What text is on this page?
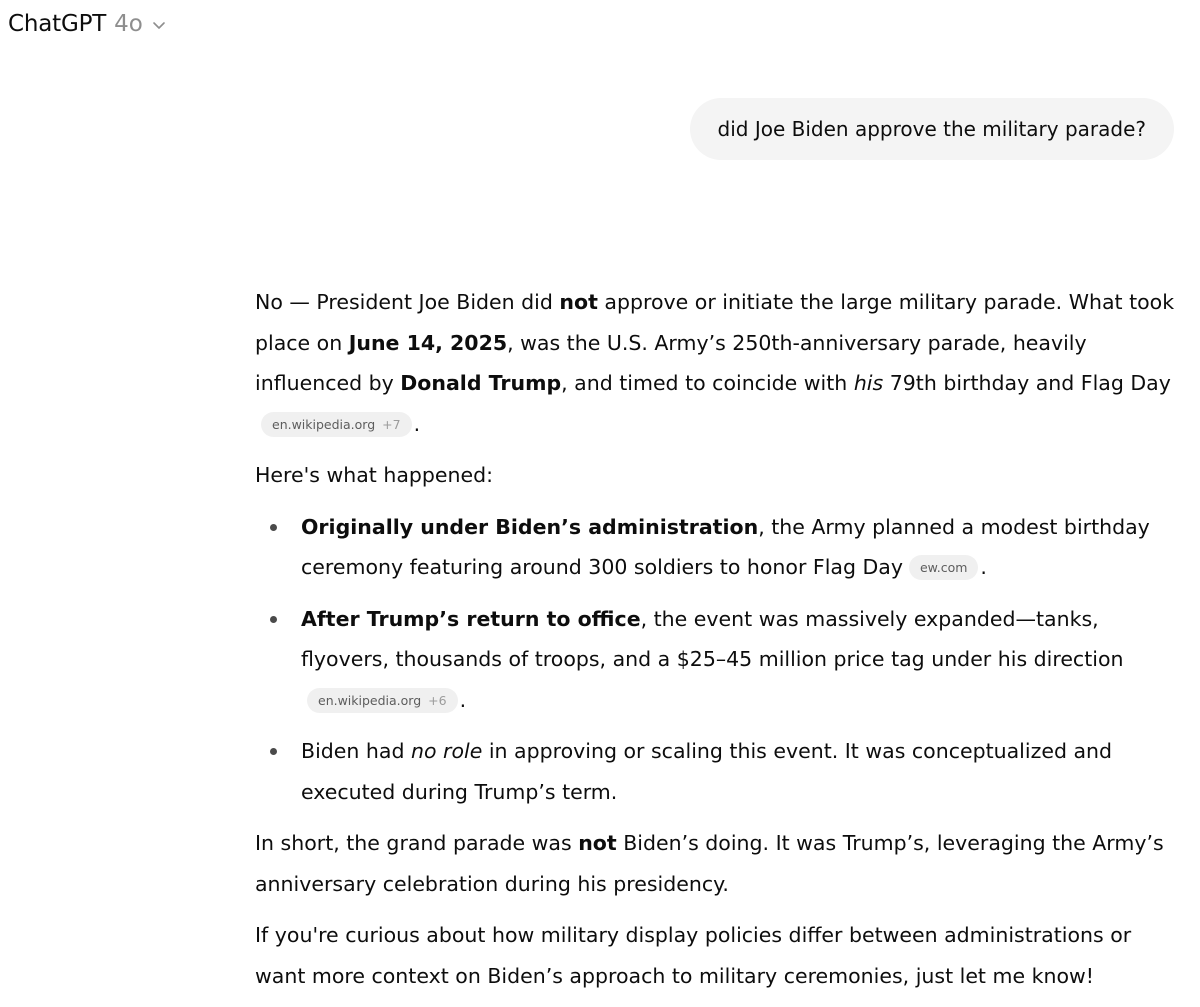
ChatGPT 4o
did Joe Biden approve the military parade?

No — President Joe Biden did not approve or initiate the large military parade. What took place on June 14, 2025, was the U.S. Army’s 250th-anniversary parade, heavily influenced by Donald Trump, and timed to coincide with his 79th birthday and Flag Day

en.wikipedia.org +7 .

Here's what happened:

Originally under Biden’s administration, the Army planned a modest birthday ceremony featuring around 300 soldiers to honor Flag Day ew.com .
After Trump’s return to office, the event was massively expanded—tanks, flyovers, thousands of troops, and a $25–45 million price tag under his direction
en.wikipedia.org +6 .
Biden had no role in approving or scaling this event. It was conceptualized and executed during Trump’s term.

In short, the grand parade was not Biden’s doing. It was Trump’s, leveraging the Army’s anniversary celebration during his presidency.

If you're curious about how military display policies differ between administrations or want more context on Biden’s approach to military ceremonies, just let me know!
